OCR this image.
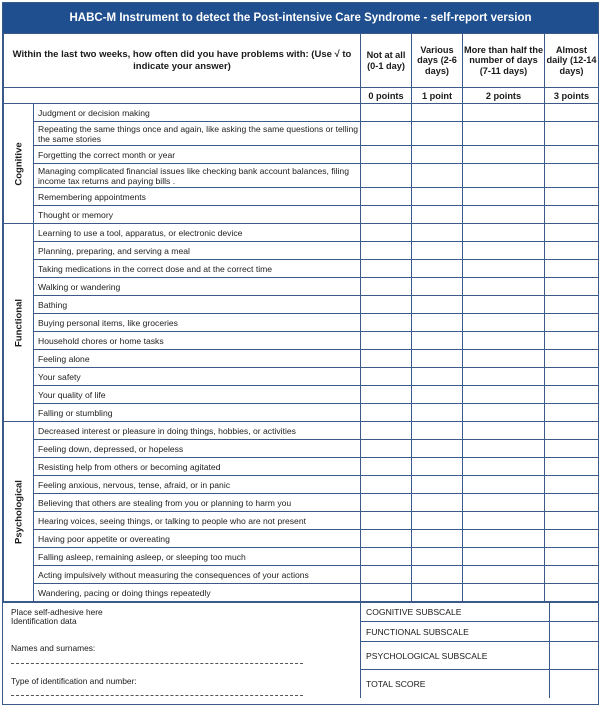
HABC-M Instrument to detect the Post-intensive Care Syndrome - self-report version
Within the last two weeks, how often did you have problems with: (Use √ to indicate your answer)		Not at all (0-1 day)	Various days (2-6 days)	More than half the number of days (7-11 days)	Almost daily (12-14 days)
		0 points	1 point	2 points	3 points

Cognitive	Judgment or decision making				
	Repeating the same things once and again, like asking the same questions or telling the same stories				
	Forgetting the correct month or year				
	Managing complicated financial issues like checking bank account balances, filing income tax returns and paying bills .				
	Remembering appointments				
	Thought or memory				

Functional	Learning to use a tool, apparatus, or electronic device				
	Planning, preparing, and serving a meal				
	Taking medications in the correct dose and at the correct time				
	Walking or wandering				
	Bathing				
	Buying personal items, like groceries				
	Household chores or home tasks				
	Feeling alone				
	Your safety				
	Your quality of life				
	Falling or stumbling				

Psychological	Decreased interest or pleasure in doing things, hobbies, or activities				
	Feeling down, depressed, or hopeless				
	Resisting help from others or becoming agitated				
	Feeling anxious, nervous, tense, afraid, or in panic				
	Believing that others are stealing from you or planning to harm you				
	Hearing voices, seeing things, or talking to people who are not present				
	Having poor appetite or overeating				
	Falling asleep, remaining asleep, or sleeping too much				
	Acting impulsively without measuring the consequences of your actions				
	Wandering, pacing or doing things repeatedly				
Place self-adhesive here
Identification data
Names and surnames:
Type of identification and number:
COGNITIVE SUBSCALE
FUNCTIONAL SUBSCALE
PSYCHOLOGICAL SUBSCALE
TOTAL SCORE
